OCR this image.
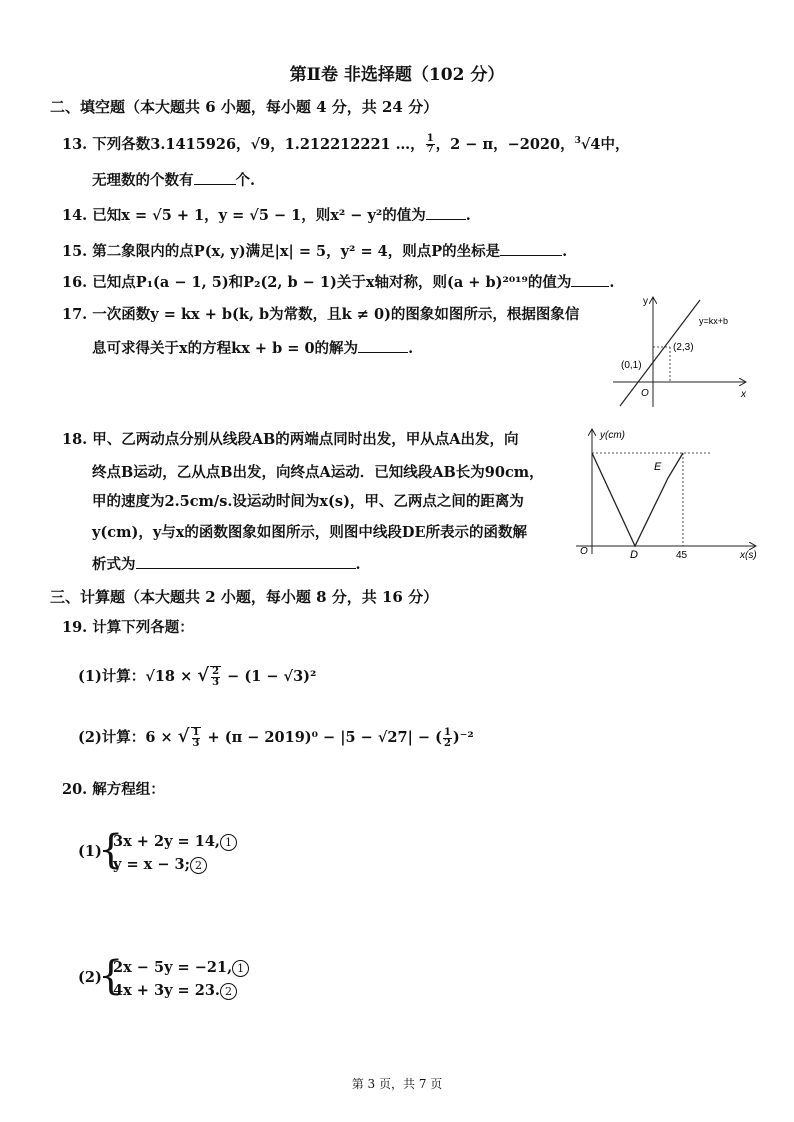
第Ⅱ卷 非选择题（102 分）
二、填空题（本大题共 6 小题，每小题 4 分，共 24 分）
13. 下列各数3.1415926，√9，1.212212221 …， $\frac{1}{7}$ ，2 − π，−2020，$^3$√4中，
无理数的个数有	个.
14. 已知x = √5 + 1，y = √5 − 1，则x² − y²的值为	.
15. 第二象限内的点P(x, y)满足|x| = 5，y² = 4，则点P的坐标是	.
16. 已知点P₁(a − 1, 5)和P₂(2, b − 1)关于x轴对称，则(a + b)²⁰¹⁹的值为	.
17. 一次函数y = kx + b(k, b为常数，且k ≠ 0)的图象如图所示，根据图象信
息可求得关于x的方程kx + b = 0的解为	.
y
x
O
(0,1)
(2,3)
y=kx+b
18. 甲、乙两动点分别从线段AB的两端点同时出发，甲从点A出发，向
终点B运动，乙从点B出发，向终点A运动．已知线段AB长为90cm，
甲的速度为2.5cm/s.设运动时间为x(s)，甲、乙两点之间的距离为
y(cm)，y与x的函数图象如图所示，则图中线段DE所表示的函数解
析式为	.
y(cm)
x(s)
O	D
E
45
三、计算题（本大题共 2 小题，每小题 8 分，共 16 分）
19. 计算下列各题：
(1)计算：√18 × √ $\frac{2}{3} - (1 - √3)^2$
(2)计算：6 × √ $\frac{1}{3} + (\pi - 2019)^0 - |5 - √27|$ − ( $\frac{1}{2} )^{-2}$
20. 解方程组：
(1)
{
3x + 2y = 14, 1
y = x − 3; 2
(2)
{
2x − 5y = −21, 1
4x + 3y = 23. 2
第 3 页，共 7 页
